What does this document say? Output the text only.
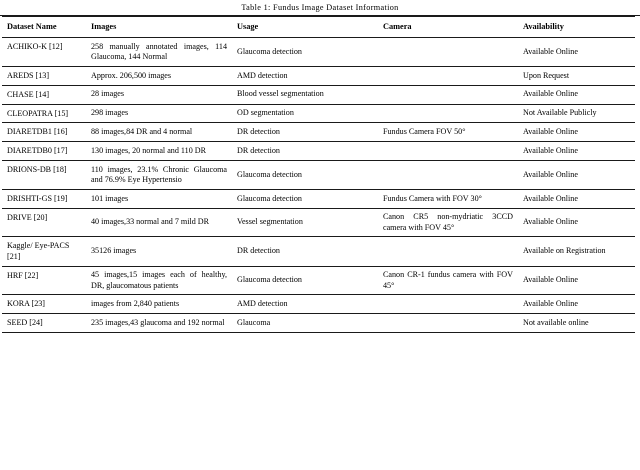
Table 1: Fundus Image Dataset Information
Dataset Name	Images	Usage	Camera	Availability
ACHIKO-K [12]	258 manually annotated images, 114 Glaucoma, 144 Normal	Glaucoma detection		Available Online
AREDS [13]	Approx. 206,500 images	AMD detection		Upon Request
CHASE [14]	28 images	Blood vessel segmentation		Available Online
CLEOPATRA [15]	298 images	OD segmentation		Not Available Publicly
DIARETDB1 [16]	88 images,84 DR and 4 normal	DR detection	Fundus Camera FOV 50°	Available Online
DIARETDB0 [17]	130 images, 20 normal and 110 DR	DR detection		Available Online
DRIONS-DB [18]	110 images, 23.1% Chronic Glaucoma and 76.9% Eye Hypertensio	Glaucoma detection		Available Online
DRISHTI-GS [19]	101 images	Glaucoma detection	Fundus Camera with FOV 30°	Available Online
DRIVE [20]	40 images,33 normal and 7 mild DR	Vessel segmentation	Canon CR5 non-mydriatic 3CCD camera with FOV 45°	Avaliable Online
Kaggle/ Eye-PACS [21]	35126 images	DR detection		Available on Registration
HRF [22]	45 images,15 images each of healthy, DR, glaucomatous patients	Glaucoma detection	Canon CR-1 fundus camera with FOV 45°	Available Online
KORA [23]	images from 2,840 patients	AMD detection		Available Online
SEED [24]	235 images,43 glaucoma and 192 normal	Glaucoma		Not available online
